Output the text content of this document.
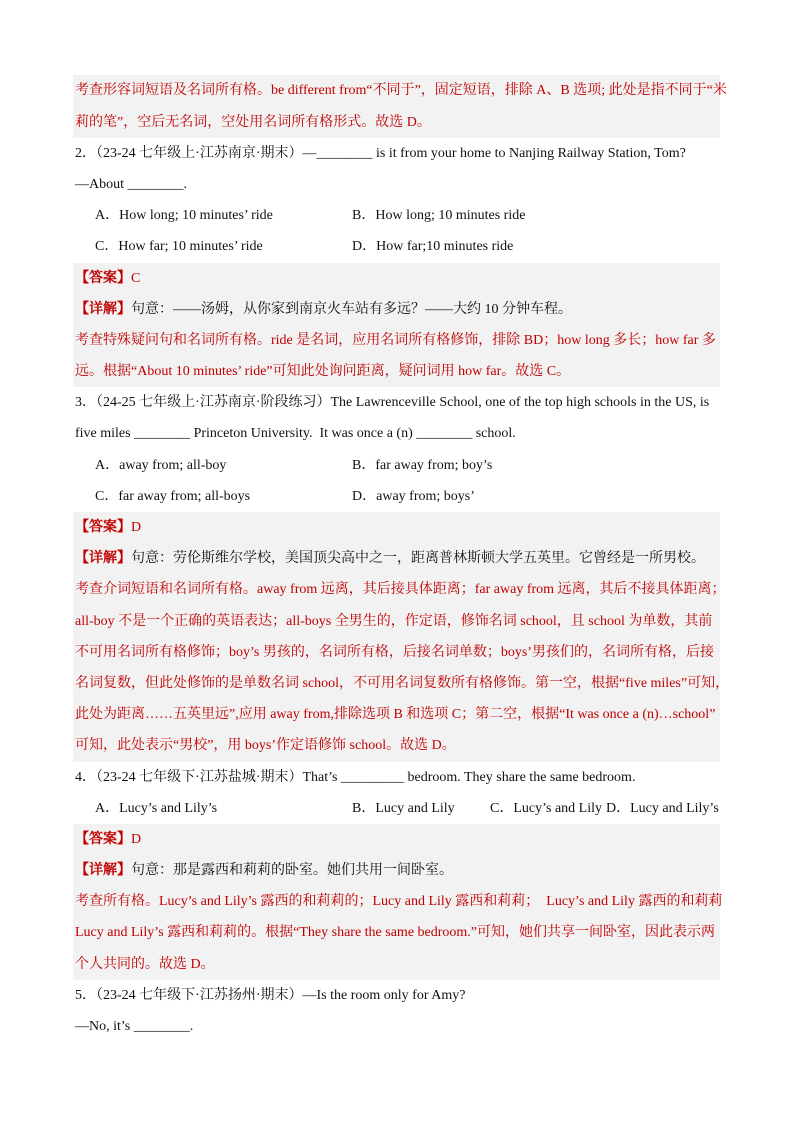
考查形容词短语及名词所有格。be different from“不同于”，固定短语，排除 A、B 选项; 此处是指不同于“米
莉的笔”，空后无名词，空处用名词所有格形式。故选 D。
2．（23-24 七年级上·江苏南京·期末）—________ is it from your home to Nanjing Railway Station, Tom?
—About ________.
A．How long; 10 minutes’ ride	B．How long; 10 minutes ride
C．How far; 10 minutes’ ride	D．How far;10 minutes ride
【答案】C
【详解】句意：——汤姆，从你家到南京火车站有多远？——大约 10 分钟车程。
考查特殊疑问句和名词所有格。ride 是名词，应用名词所有格修饰，排除 BD；how long 多长；how far 多
远。根据“About 10 minutes’ ride”可知此处询问距离，疑问词用 how far。故选 C。
3．（24-25 七年级上·江苏南京·阶段练习）The Lawrenceville School, one of the top high schools in the US, is
five miles ________ Princeton University.  It was once a (n) ________ school.
A．away from; all-boy	B．far away from; boy’s
C．far away from; all-boys	D．away from; boys’
【答案】D
【详解】句意：劳伦斯维尔学校，美国顶尖高中之一，距离普林斯顿大学五英里。它曾经是一所男校。
考查介词短语和名词所有格。away from 远离，其后接具体距离；far away from 远离，其后不接具体距离；
all-boy 不是一个正确的英语表达；all-boys 全男生的，作定语，修饰名词 school，且 school 为单数，其前
不可用名词所有格修饰；boy’s 男孩的，名词所有格，后接名词单数；boys’男孩们的，名词所有格，后接
名词复数，但此处修饰的是单数名词 school，不可用名词复数所有格修饰。第一空，根据“five miles”可知，
此处为距离……五英里远”,应用 away from,排除选项 B 和选项 C；第二空，根据“It was once a (n)…school”
可知，此处表示“男校”，用 boys’作定语修饰 school。故选 D。
4．（23-24 七年级下·江苏盐城·期末）That’s _________ bedroom. They share the same bedroom.
A．Lucy’s and Lily’s	B．Lucy and Lily	C．Lucy’s and Lily D．Lucy and Lily’s
【答案】D
【详解】句意：那是露西和莉莉的卧室。她们共用一间卧室。
考查所有格。Lucy’s and Lily’s 露西的和莉莉的；Lucy and Lily 露西和莉莉；  Lucy’s and Lily 露西的和莉莉
Lucy and Lily’s 露西和莉莉的。根据“They share the same bedroom.”可知，她们共享一间卧室，因此表示两
个人共同的。故选 D。
5．（23-24 七年级下·江苏扬州·期末）—Is the room only for Amy?
—No, it’s ________.
